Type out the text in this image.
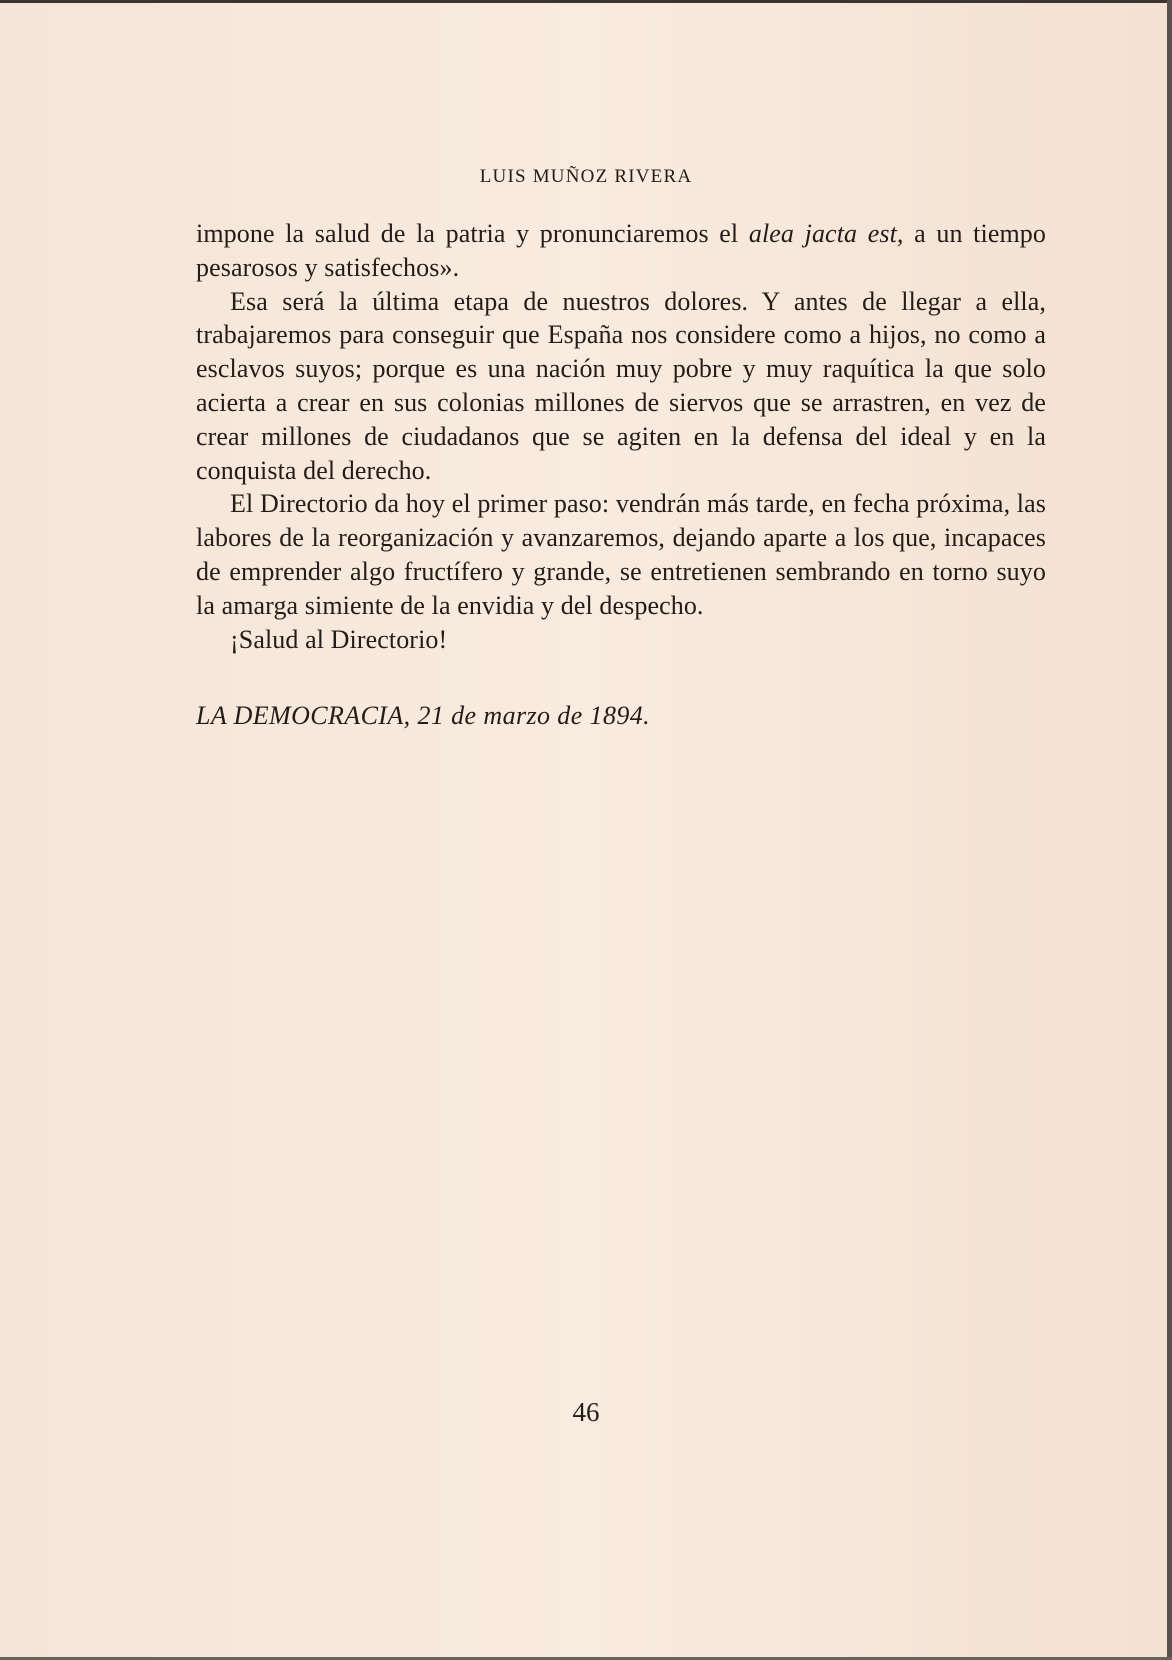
LUIS MUÑOZ RIVERA

impone la salud de la patria y pronunciaremos el alea jacta est, a un tiempo pesarosos y satisfechos».

Esa será la última etapa de nuestros dolores. Y antes de llegar a ella, trabajaremos para conseguir que España nos considere como a hijos, no como a esclavos suyos; porque es una nación muy pobre y muy raquítica la que solo acierta a crear en sus colonias millones de siervos que se arrastren, en vez de crear millones de ciudadanos que se agiten en la defensa del ideal y en la conquista del derecho.

El Directorio da hoy el primer paso: vendrán más tarde, en fecha próxima, las labores de la reorganización y avanzaremos, dejando aparte a los que, incapaces de emprender algo fructífero y grande, se entretienen sembrando en torno suyo la amarga simiente de la envidia y del despecho.

¡Salud al Directorio!

LA DEMOCRACIA, 21 de marzo de 1894.
46
